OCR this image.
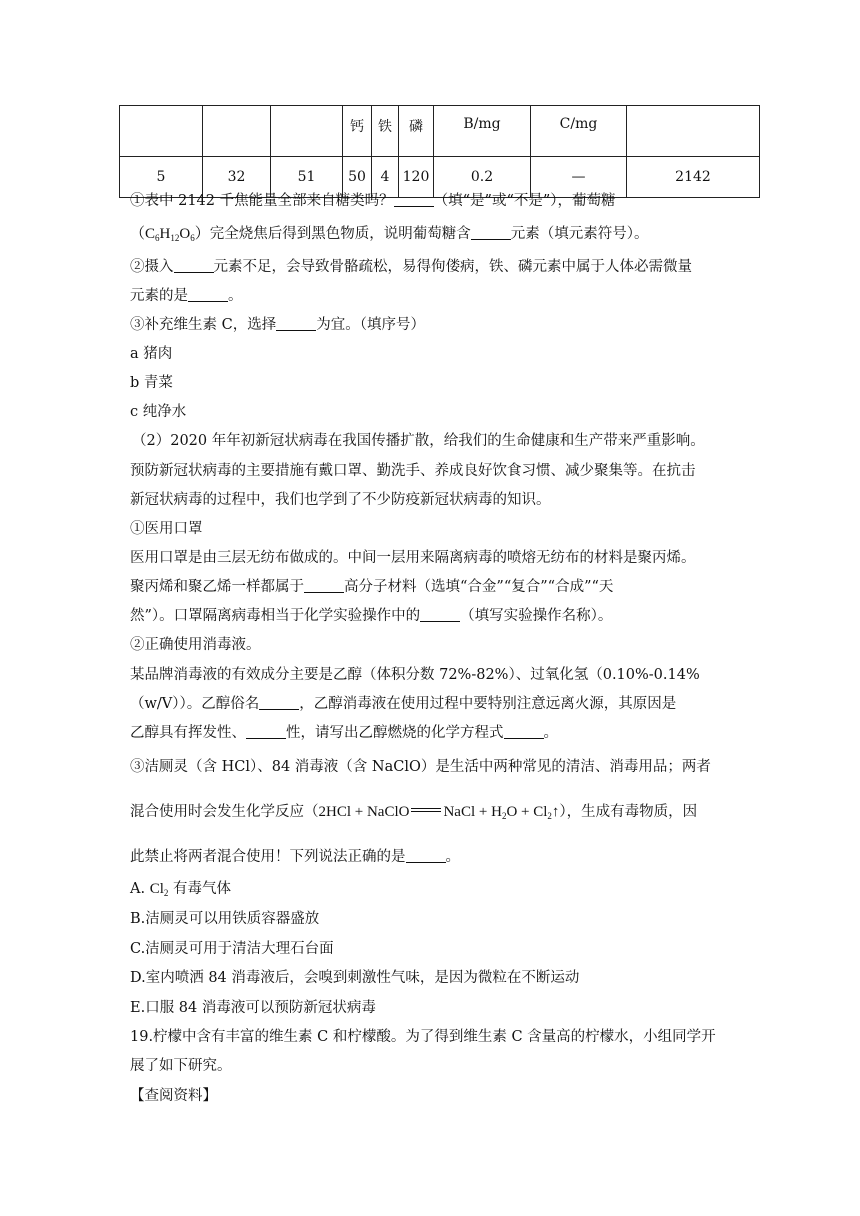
			钙	铁	磷	B/mg	C/mg	
5	32	51	50	4	120	0.2	—	2142
①表中 2142 千焦能量全部来自糖类吗？	（填“是”或“不是”），葡萄糖
$(C_6H_{12}O_6)$完全烧焦后得到黑色物质，说明葡萄糖含	元素（填元素符号）。
②摄入	元素不足，会导致骨骼疏松，易得佝偻病，铁、磷元素中属于人体必需微量
元素的是	。
③补充维生素 C，选择	为宜。（填序号）
a 猪肉
b 青菜
c 纯净水
（2）2020 年年初新冠状病毒在我国传播扩散，给我们的生命健康和生产带来严重影响。
预防新冠状病毒的主要措施有戴口罩、勤洗手、养成良好饮食习惯、减少聚集等。在抗击
新冠状病毒的过程中，我们也学到了不少防疫新冠状病毒的知识。
①医用口罩
医用口罩是由三层无纺布做成的。中间一层用来隔离病毒的喷熔无纺布的材料是聚丙烯。
聚丙烯和聚乙烯一样都属于	高分子材料（选填“合金”“复合”“合成”“天
然”）。口罩隔离病毒相当于化学实验操作中的	（填写实验操作名称）。
②正确使用消毒液。
某品牌消毒液的有效成分主要是乙醇（体积分数 72%-82%）、过氧化氢（0.10%-0.14%
（w/V））。乙醇俗名	，乙醇消毒液在使用过程中要特别注意远离火源，其原因是
乙醇具有挥发性、	性，请写出乙醇燃烧的化学方程式	。
③洁厕灵（含 HCl）、84 消毒液（含 NaClO）是生活中两种常见的清洁、消毒用品；两者
混合使用时会发生化学反应（2HCl + NaClO NaCl + $H_2O$ + $Cl_2↑$），生成有毒物质，因
此禁止将两者混合使用！下列说法正确的是	。
A. $Cl_2$ 有毒气体
B.洁厕灵可以用铁质容器盛放
C.洁厕灵可用于清洁大理石台面
D.室内喷洒 84 消毒液后，会嗅到刺激性气味，是因为微粒在不断运动
E.口服 84 消毒液可以预防新冠状病毒
19.柠檬中含有丰富的维生素 C 和柠檬酸。为了得到维生素 C 含量高的柠檬水，小组同学开
展了如下研究。
【查阅资料】
